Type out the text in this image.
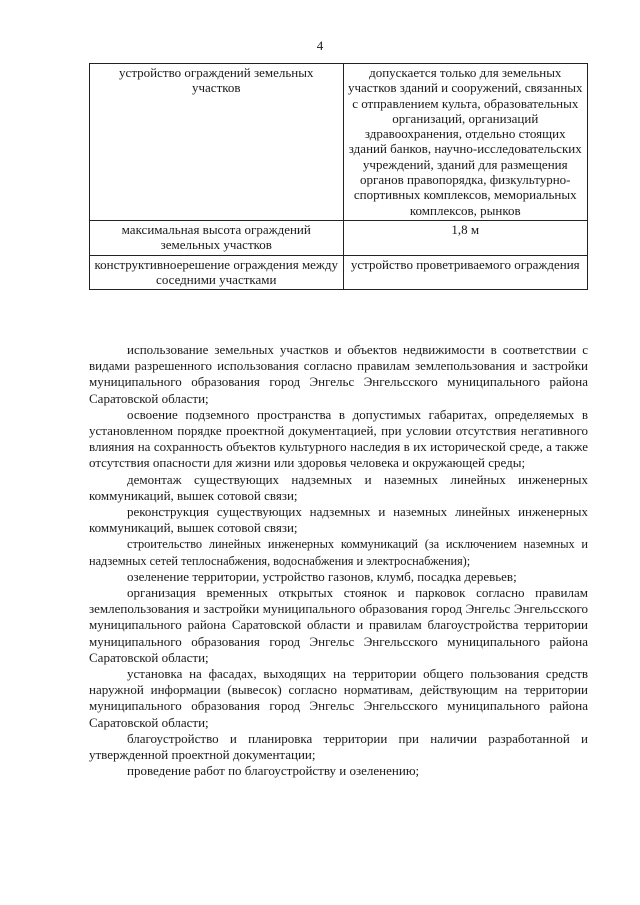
4
устройство ограждений земельных участков	допускается только для земельных участков зданий и сооружений, связанных с отправлением культа, образовательных организаций, организаций здравоохранения, отдельно стоящих зданий банков, научно-исследовательских учреждений, зданий для размещения органов правопорядка, физкультурно-спортивных комплексов, мемориальных комплексов, рынков
максимальная высота ограждений земельных участков	1,8 м
конструктивноерешение ограждения между соседними участками	устройство проветриваемого ограждения

использование земельных участков и объектов недвижимости в соответствии с видами разрешенного использования согласно правилам землепользования и застройки муниципального образования город Энгельс Энгельсского муниципального района Саратовской области;

освоение подземного пространства в допустимых габаритах, определяемых в установленном порядке проектной документацией, при условии отсутствия негативного влияния на сохранность объектов культурного наследия в их исторической среде, а также отсутствия опасности для жизни или здоровья человека и окружающей среды;

демонтаж существующих надземных и наземных линейных инженерных коммуникаций, вышек сотовой связи;

реконструкция существующих надземных и наземных линейных инженерных коммуникаций, вышек сотовой связи;

строительство линейных инженерных коммуникаций (за исключением наземных и надземных сетей теплоснабжения, водоснабжения и электроснабжения);

озеленение территории, устройство газонов, клумб, посадка деревьев;

организация временных открытых стоянок и парковок согласно правилам землепользования и застройки муниципального образования город Энгельс Энгельсского муниципального района Саратовской области и правилам благоустройства территории муниципального образования город Энгельс Энгельсского муниципального района Саратовской области;

установка на фасадах, выходящих на территории общего пользования средств наружной информации (вывесок) согласно нормативам, действующим на территории муниципального образования город Энгельс Энгельсского муниципального района Саратовской области;

благоустройство и планировка территории при наличии разработанной и утвержденной проектной документации;

проведение работ по благоустройству и озеленению;
